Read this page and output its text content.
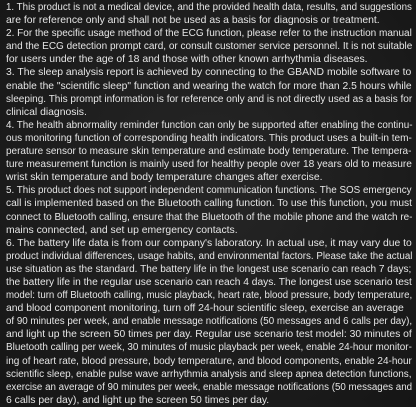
1. This product is not a medical device, and the provided health data, results, and suggestions
are for reference only and shall not be used as a basis for diagnosis or treatment.
2. For the specific usage method of the ECG function, please refer to the instruction manual
and the ECG detection prompt card, or consult customer service personnel. It is not suitable
for users under the age of 18 and those with other known arrhythmia diseases.
3. The sleep analysis report is achieved by connecting to the GBAND mobile software to
enable the "scientific sleep" function and wearing the watch for more than 2.5 hours while
sleeping. This prompt information is for reference only and is not directly used as a basis for
clinical diagnosis.
4. The health abnormality reminder function can only be supported after enabling the continu-
ous monitoring function of corresponding health indicators. This product uses a built-in tem-
perature sensor to measure skin temperature and estimate body temperature. The tempera-
ture measurement function is mainly used for healthy people over 18 years old to measure
wrist skin temperature and body temperature changes after exercise.
5. This product does not support independent communication functions. The SOS emergency
call is implemented based on the Bluetooth calling function. To use this function, you must
connect to Bluetooth calling, ensure that the Bluetooth of the mobile phone and the watch re-
mains connected, and set up emergency contacts.
6. The battery life data is from our company's laboratory. In actual use, it may vary due to
product individual differences, usage habits, and environmental factors. Please take the actual
use situation as the standard. The battery life in the longest use scenario can reach 7 days;
the battery life in the regular use scenario can reach 4 days. The longest use scenario test
model: turn off Bluetooth calling, music playback, heart rate, blood pressure, body temperature,
and blood component monitoring, turn off 24-hour scientific sleep, exercise an average
of 90 minutes per week, and enable message notifications (50 messages and 6 calls per day),
and light up the screen 50 times per day. Regular use scenario test model: 30 minutes of
Bluetooth calling per week, 30 minutes of music playback per week, enable 24-hour monitor-
ing of heart rate, blood pressure, body temperature, and blood components, enable 24-hour
scientific sleep, enable pulse wave arrhythmia analysis and sleep apnea detection functions,
exercise an average of 90 minutes per week, enable message notifications (50 messages and
6 calls per day), and light up the screen 50 times per day.
